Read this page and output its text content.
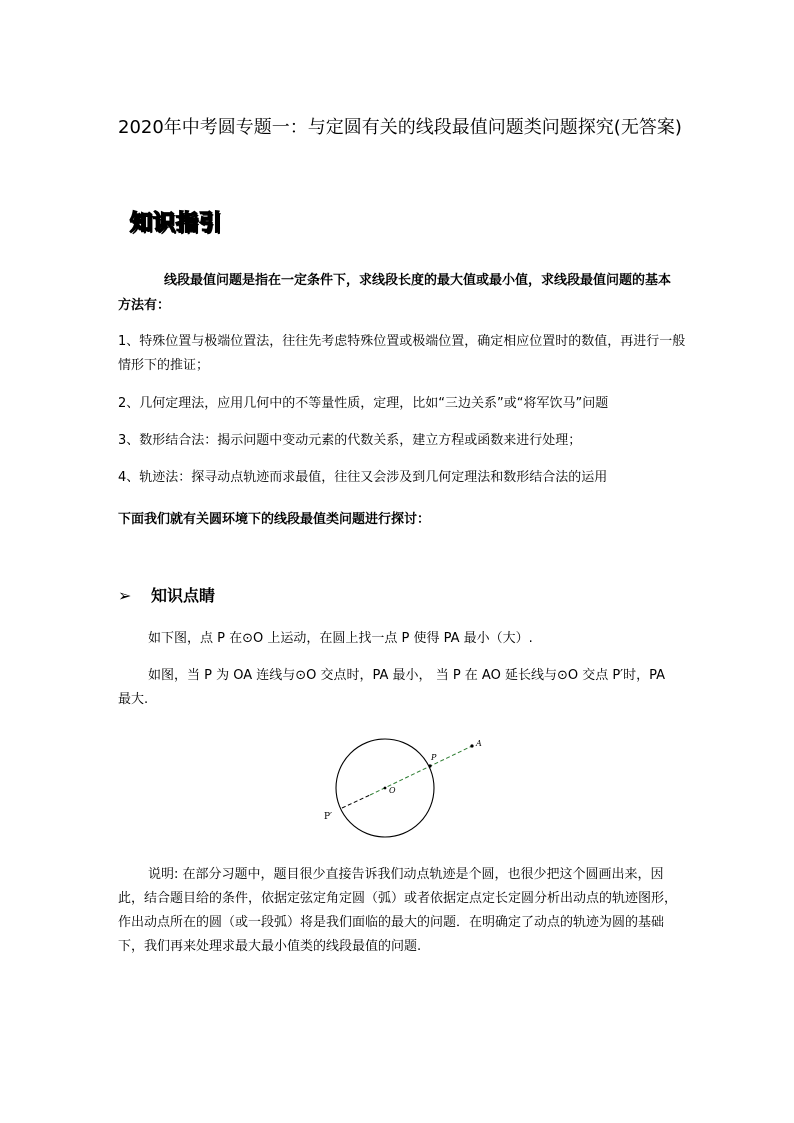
2020年中考圆专题一：与定圆有关的线段最值问题类问题探究(无答案)
知识指引
线段最值问题是指在一定条件下，求线段长度的最大值或最小值，求线段最值问题的基本方法有：
1、特殊位置与极端位置法，往往先考虑特殊位置或极端位置，确定相应位置时的数值，再进行一般情形下的推证；
2、几何定理法，应用几何中的不等量性质，定理，比如“三边关系”或“将军饮马”问题
3、数形结合法：揭示问题中变动元素的代数关系，建立方程或函数来进行处理；
4、轨迹法：探寻动点轨迹而求最值，往往又会涉及到几何定理法和数形结合法的运用
下面我们就有关圆环境下的线段最值类问题进行探讨：
➢ 知识点睛
如下图，点 P 在⊙O 上运动，在圆上找一点 P 使得 PA 最小（大）.
如图，当 P 为 OA 连线与⊙O 交点时，PA 最小， 当 P 在 AO 延长线与⊙O 交点 P′时，PA 最大.
A
P
O
P′
说明: 在部分习题中，题目很少直接告诉我们动点轨迹是个圆，也很少把这个圆画出来，因此，结合题目给的条件，依据定弦定角定圆（弧）或者依据定点定长定圆分析出动点的轨迹图形，作出动点所在的圆（或一段弧）将是我们面临的最大的问题．在明确定了动点的轨迹为圆的基础下，我们再来处理求最大最小值类的线段最值的问题.
